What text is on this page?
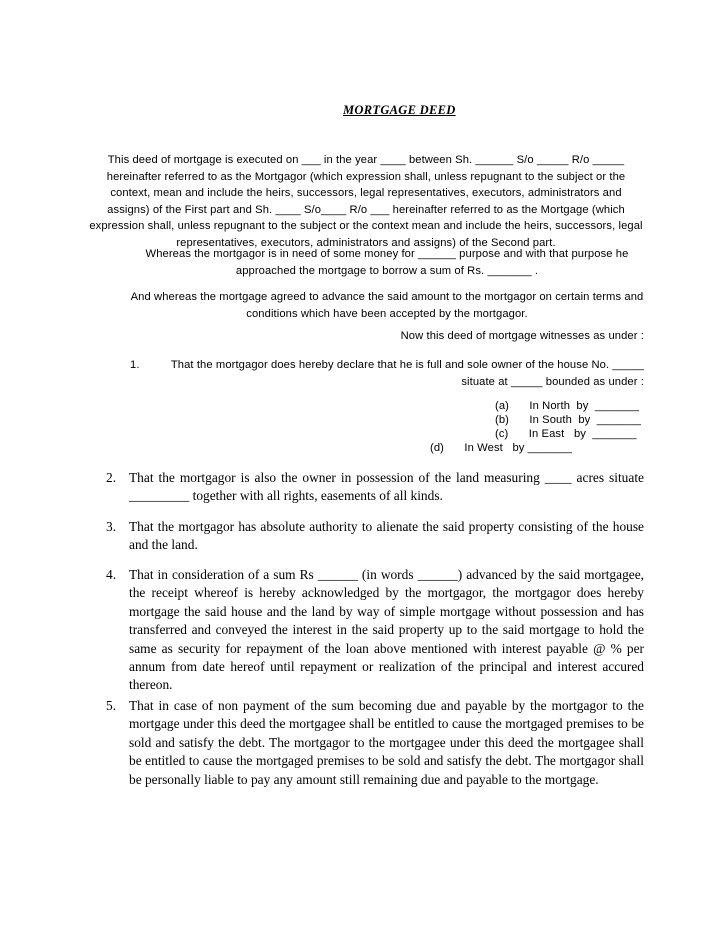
MORTGAGE DEED
This deed of mortgage is executed on ___ in the year ____ between Sh. ______ S/o _____ R/o _____ hereinafter referred to as the Mortgagor (which expression shall, unless repugnant to the subject or the context, mean and include the heirs, successors, legal representatives, executors, administrators and assigns) of the First part and Sh. ____ S/o____ R/o ___ hereinafter referred to as the Mortgage (which expression shall, unless repugnant to the subject or the context mean and include the heirs, successors, legal representatives, executors, administrators and assigns) of the Second part.
Whereas the mortgagor is in need of some money for ______ purpose and with that purpose he approached the mortgage to borrow a sum of Rs. _______ .
And whereas the mortgage agreed to advance the said amount to the mortgagor on certain terms and conditions which have been accepted by the mortgagor.
Now this deed of mortgage witnesses as under :
1.	That the mortgagor does hereby declare that he is full and sole owner of the house No. _____ situate at _____ bounded as under :
(a) In North  by  _______
(b) In South  by  _______
(c) In East   by  _______
(d) In West   by _______
2. That the mortgagor is also the owner in possession of the land measuring ____ acres situate _________ together with all rights, easements of all kinds.
3. That the mortgagor has absolute authority to alienate the said property consisting of the house and the land.
4. That in consideration of a sum Rs ______ (in words ______) advanced by the said mortgagee, the receipt whereof is hereby acknowledged by the mortgagor, the mortgagor does hereby mortgage the said house and the land by way of simple mortgage without possession and has transferred and conveyed the interest in the said property up to the said mortgage to hold the same as security for repayment of the loan above mentioned with interest payable @ % per annum from date hereof until repayment or realization of the principal and interest accured thereon.
5. That in case of non payment of the sum becoming due and payable by the mortgagor to the mortgage under this deed the mortgagee shall be entitled to cause the mortgaged premises to be sold and satisfy the debt. The mortgagor to the mortgagee under this deed the mortgagee shall be entitled to cause the mortgaged premises to be sold and satisfy the debt. The mortgagor shall be personally liable to pay any amount still remaining due and payable to the mortgage.
